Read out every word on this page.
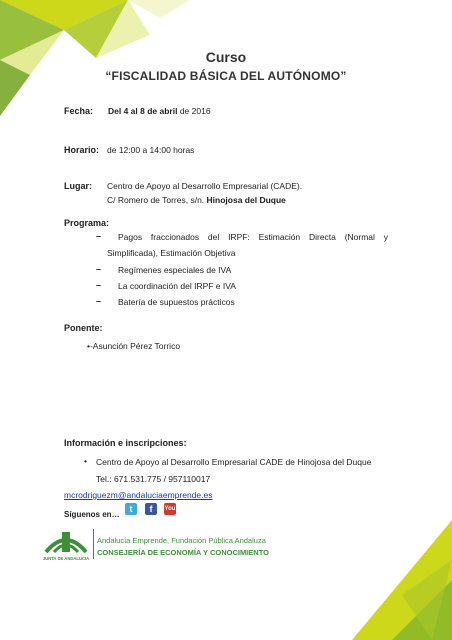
Curso
“FISCALIDAD BÁSICA DEL AUTÓNOMO”
Fecha: Del 4 al 8 de abril de 2016
Horario: de 12:00 a 14:00 horas
Lugar: Centro de Apoyo al Desarrollo Empresarial (CADE).
C/ Romero de Torres, s/n. Hinojosa del Duque
Programa:
– Pagos fraccionados del IRPF: Estimación Directa (Normal y
Simplificada), Estimación Objetiva
– Regímenes especiales de IVA
– La coordinación del IRPF e IVA
– Batería de supuestos prácticos
Ponente:
•-Asunción Pérez Torrico
Información e inscripciones:
• Centro de Apoyo al Desarrollo Empresarial CADE de Hinojosa del Duque
Tel.: 671.531.775 / 957110017
mcrodriguezm@andaluciaemprende.es
Síguenos en…
t	f	You
JUNTA DE ANDALUCIA
Andalucía Emprende, Fundación Pública Andaluza
CONSEJERÍA DE ECONOMÍA Y CONOCIMIENTO
